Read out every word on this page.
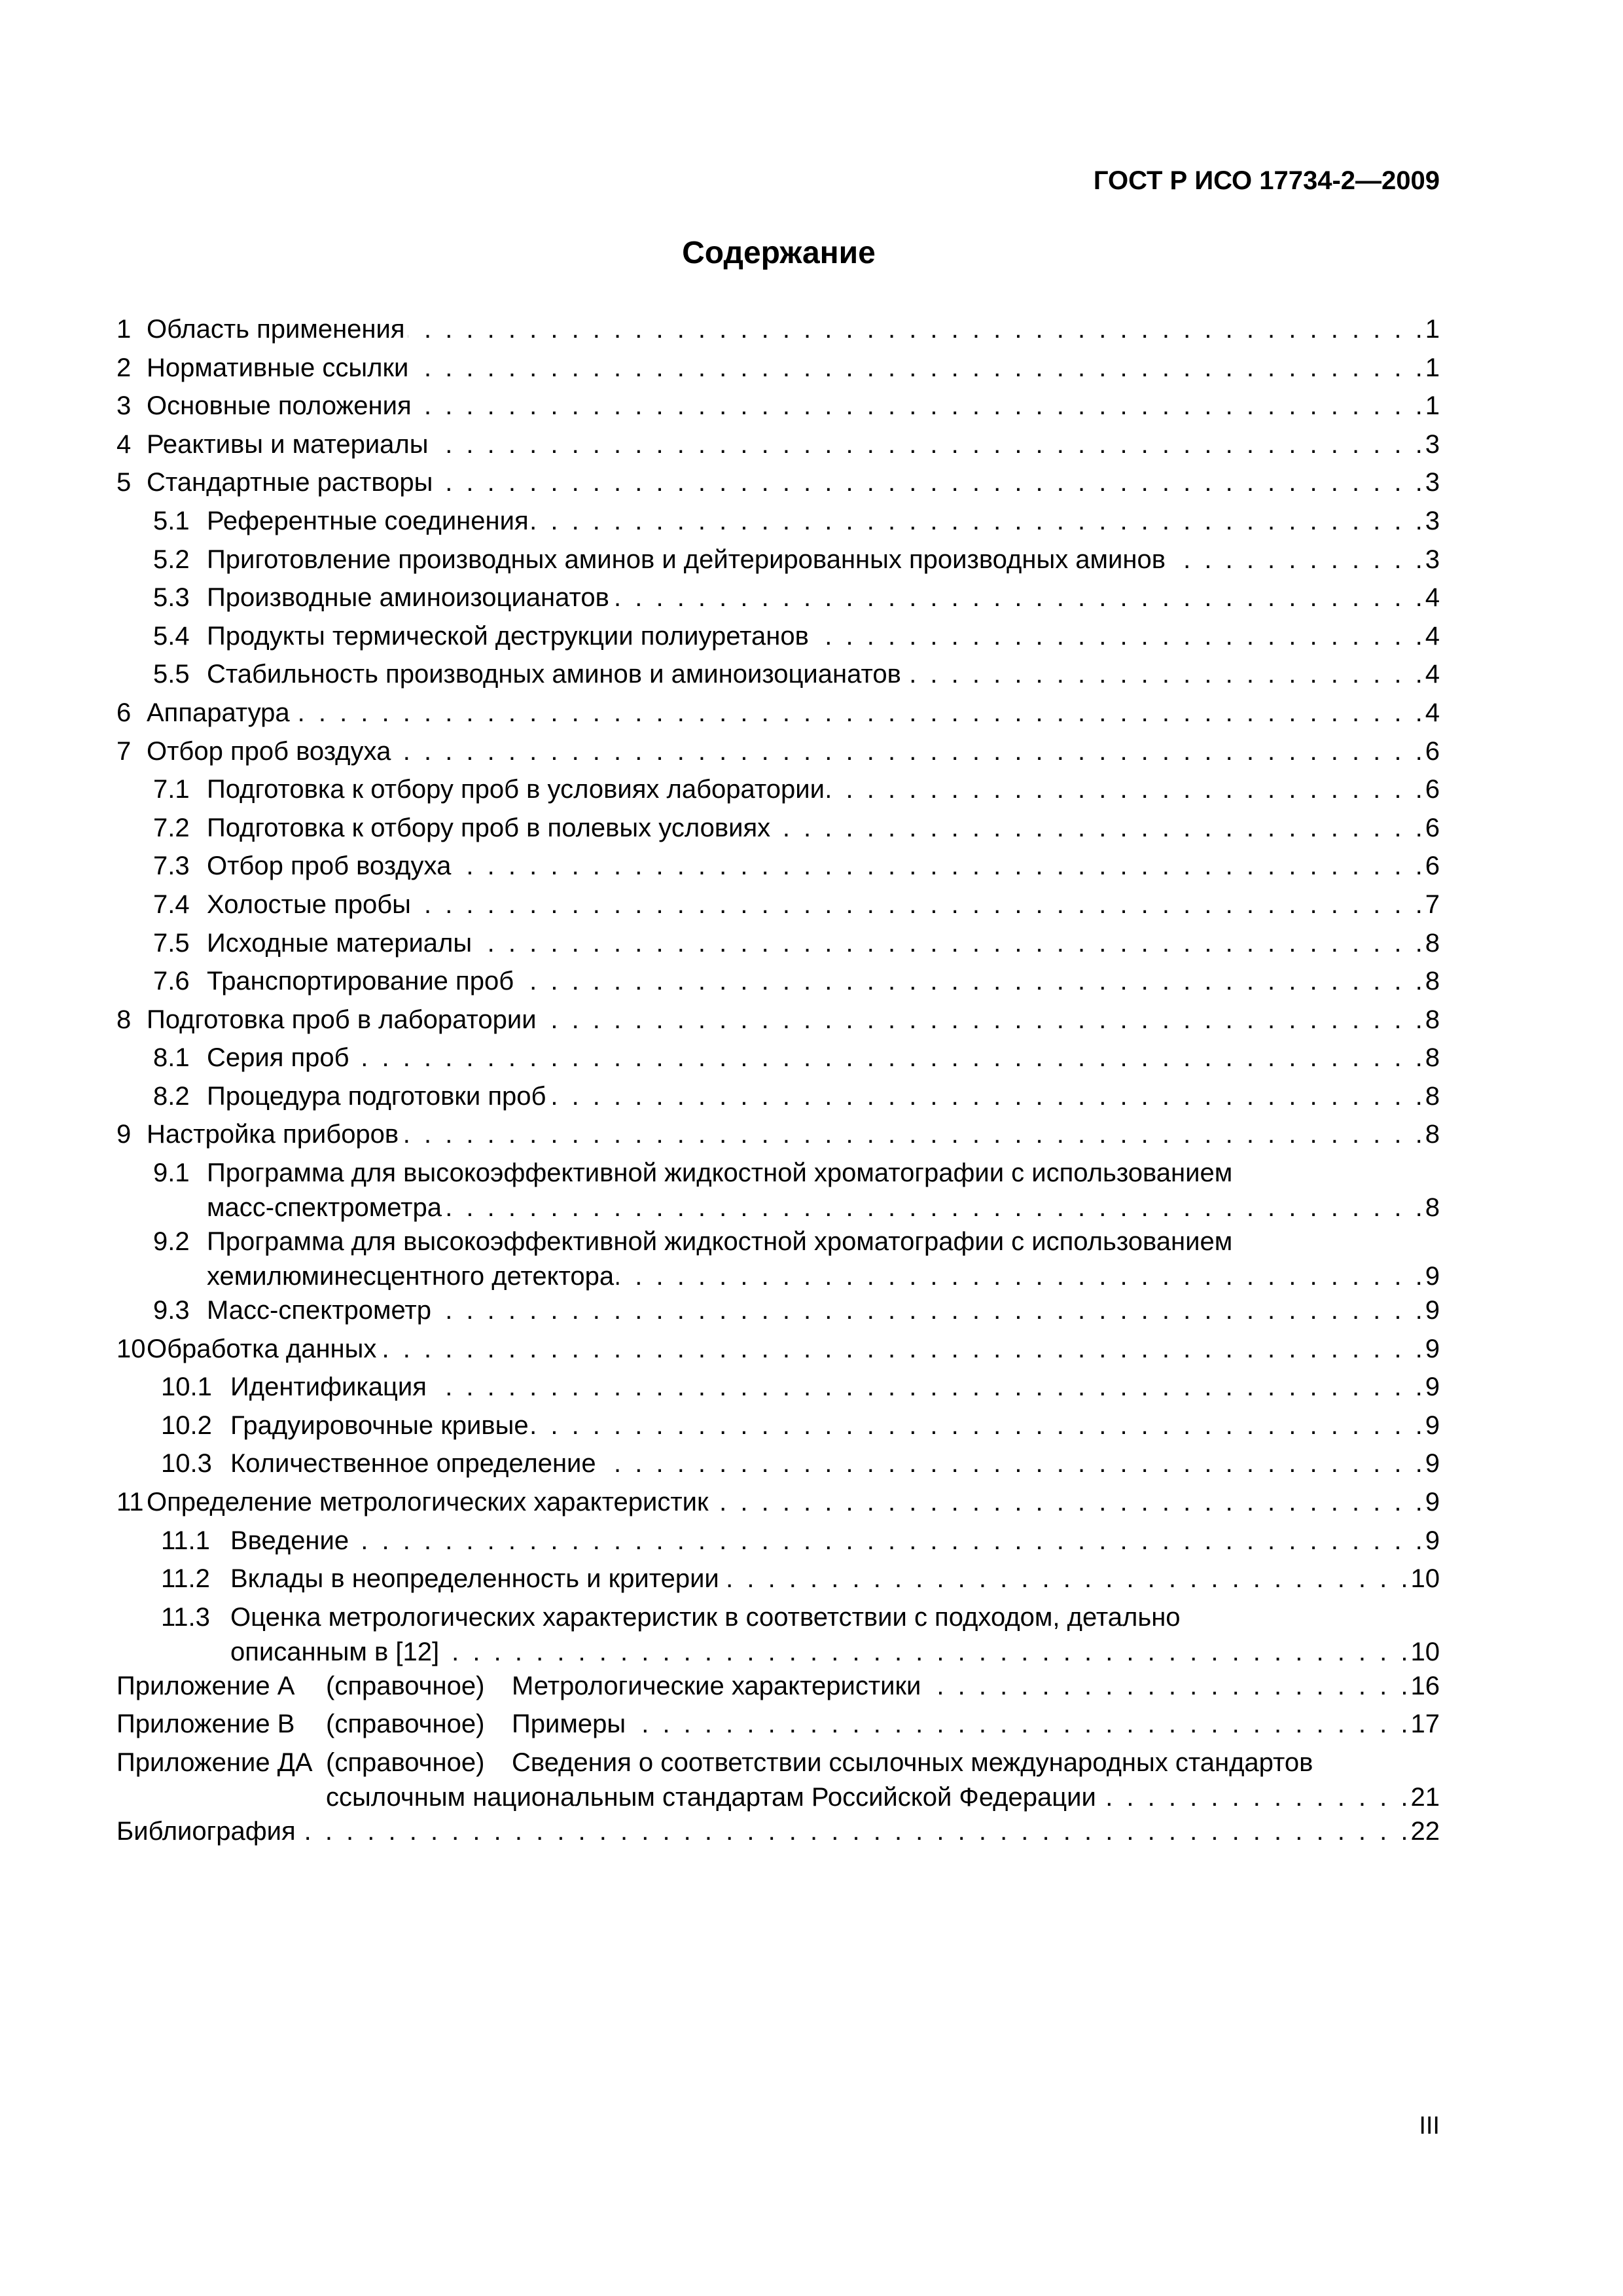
ГОСТ Р ИСО 17734-2—2009
Содержание
1 Область применения . . .	1
2 Нормативные ссылки . . .	1
3 Основные положения . . .	1
4 Реактивы и материалы . . .	3
5 Стандартные растворы . . .	3
5.1 Референтные соединения . . .	3
5.2 Приготовление производных аминов и дейтерированных производных аминов . . .	3
5.3 Производные аминоизоцианатов . . .	4
5.4 Продукты термической деструкции полиуретанов . . .	4
5.5 Стабильность производных аминов и аминоизоцианатов . . .	4
6 Аппаратура . . .	4
7 Отбор проб воздуха . . .	6
7.1 Подготовка к отбору проб в условиях лаборатории . . .	6
7.2 Подготовка к отбору проб в полевых условиях . . .	6
7.3 Отбор проб воздуха . . .	6
7.4 Холостые пробы . . .	7
7.5 Исходные материалы . . .	8
7.6 Транспортирование проб . . .	8
8 Подготовка проб в лаборатории . . .	8
8.1 Серия проб . . .	8
8.2 Процедура подготовки проб . . .	8
9 Настройка приборов . . .	8
9.1 Программа для высокоэффективной жидкостной хроматографии с использованием
масс-спектрометра . . .	8
9.2 Программа для высокоэффективной жидкостной хроматографии с использованием
хемилюминесцентного детектора . . .	9
9.3 Масс-спектрометр . . .	9
10 Обработка данных . . .	9
10.1 Идентификация . . .	9
10.2 Градуировочные кривые . . .	9
10.3 Количественное определение . . .	9
11 Определение метрологических характеристик . . .	9
11.1 Введение . . .	9
11.2 Вклады в неопределенность и критерии . . .	10
11.3 Оценка метрологических характеристик в соответствии с подходом, детально
описанным в [12] . . .	10
Приложение А (справочное) Метрологические характеристики . . .	16
Приложение В (справочное) Примеры . . .	17
Приложение ДА (справочное) Сведения о соответствии ссылочных международных стандартов
ссылочным национальным стандартам Российской Федерации . . .	21
Библиография . . .	22
III
